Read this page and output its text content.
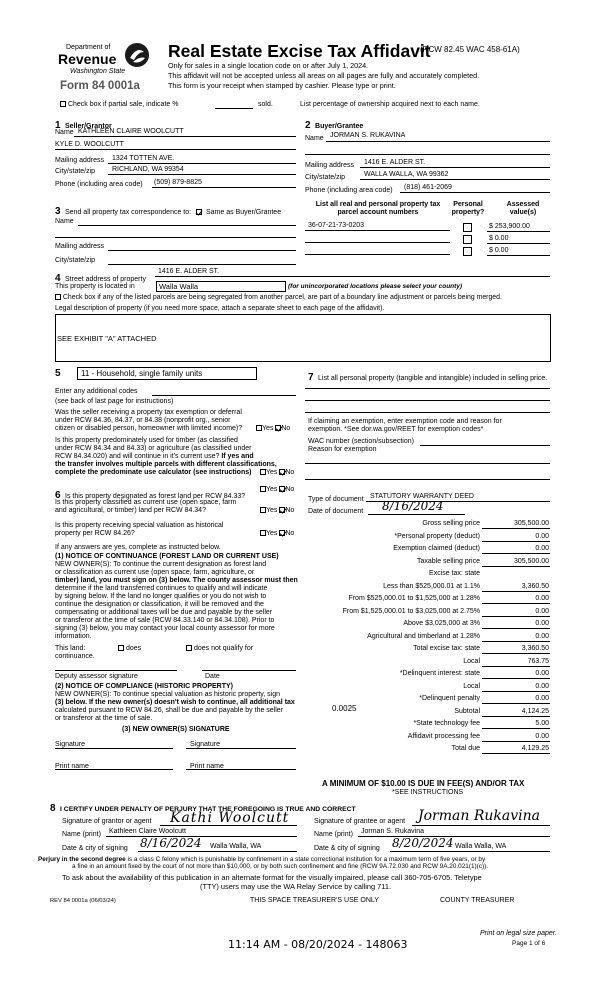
Department of
Revenue
Washington State
Form 84 0001a
Real Estate Excise Tax Affidavit
(RCW 82.45 WAC 458-61A)
Only for sales in a single location code on or after July 1, 2024.
This affidavit will not be accepted unless all areas on all pages are fully and accurately completed.
This form is your receipt when stamped by cashier. Please type or print.
Check box if partial sale, indicate %	sold.	List percentage of ownership acquired next to each name.
1 Seller/Grantor
Name KATHLEEN CLAIRE WOOLCUTT
KYLE D. WOOLCUTT
Mailing address 1324 TOTTEN AVE.
City/state/zip RICHLAND, WA 99354
Phone (including area code) (509) 879-8825
2 Buyer/Grantee
Name JORMAN S. RUKAVINA
Mailing address 1416 E. ALDER ST.
City/state/zip	WALLA WALLA, WA 99362
Phone (including area code) (818) 461-2069
3 Send all property tax correspondence to: Same as Buyer/Grantee
Name
Mailing address
City/state/zip
List all real and personal property tax
parcel account numbers
Personal
property?
Assessed
value(s)
36-07-21-73-0203	$ 253,900.00
$ 0.00
$ 0.00
4 Street address of property
1416 E. ALDER ST.
This property is located in	Walla Walla	(for unincorporated locations please select your county)
Check box if any of the listed parcels are being segregated from another parcel, are part of a boundary line adjustment or parcels being merged.
Legal description of property (if you need more space, attach a separate sheet to each page of the affidavit).
SEE EXHIBIT "A" ATTACHED
5	11 - Household, single family units
Enter any additional codes
(see back of last page for instructions)
Was the seller receiving a property tax exemption or deferral
under RCW 84.36, 84.37, or 84.38 (nonprofit org., senior
citizen or disabled person, homeowner with limited income)?	Yes No
Is this property predominately used for timber (as classified
under RCW 84.34 and 84.33) or agriculture (as classified under
RCW 84.34.020) and will continue in it's current use? If yes and
the transfer involves multiple parcels with different classifications,
complete the predominate use calculator (see instructions)	Yes No
6 Is this property designated as forest land per RCW 84.33?
Yes No
Is this property classified as current use (open space, farm
and agricultural, or timber) land per RCW 84.34?	Yes No
Is this property receiving special valuation as historical
property per RCW 84.26?	Yes No
If any answers are yes, complete as instructed below.
(1) NOTICE OF CONTINUANCE (FOREST LAND OR CURRENT USE)
NEW OWNER(S): To continue the current designation as forest land
or classification as current use (open space, farm, agriculture, or
timber) land, you must sign on (3) below. The county assessor must then
determine if the land transferred continues to qualify and will indicate
by signing below. If the land no longer qualifies or you do not wish to
continue the designation or classification, it will be removed and the
compensating or additional taxes will be due and payable by the seller
or transferor at the time of sale (RCW 84.33.140 or 84.34.108). Prior to
signing (3) below, you may contact your local county assessor for more
information.
This land:	does	does not qualify for
continuance.
Deputy assessor signature	Date
(2) NOTICE OF COMPLIANCE (HISTORIC PROPERTY)
NEW OWNER(S): To continue special valuation as historic property, sign
(3) below. If the new owner(s) doesn't wish to continue, all additional tax
calculated pursuant to RCW 84.26, shall be due and payable by the seller
or transferor at the time of sale.
(3) NEW OWNER(S) SIGNATURE
Signature	Signature
Print name	Print name
7 List all personal property (tangible and intangible) included in selling price.
If claiming an exemption, enter exemption code and reason for
exemption. *See dor.wa.gov/REET for exemption codes*
WAC number (section/subsection)
Reason for exemption
Type of document STATUTORY WARRANTY DEED
Date of document 8/16/2024
Gross selling price	305,500.00
*Personal property (deduct)	0.00
Exemption claimed (deduct)	0.00
Taxable selling price	305,500.00
Excise tax: state
Less than $525,000.01 at 1.1%	3,360.50
From $525,000.01 to $1,525,000 at 1.28%	0.00
From $1,525,000.01 to $3,025,000 at 2.75%	0.00
Above $3,025,000 at 3%	0.00
Agricultural and timberland at 1.28%	0.00
Total excise tax: state	3,360.50
Local	763.75
*Delinquent interest: state	0.00
Local	0.00
*Delinquent penalty	0.00
Subtotal	4,124.25
*State technology fee	5.00
Affidavit processing fee	0.00
Total due	4,129.25
0.0025
A MINIMUM OF $10.00 IS DUE IN FEE(S) AND/OR TAX
*SEE INSTRUCTIONS
8 I CERTIFY UNDER PENALTY OF PERJURY THAT THE FOREGOING IS TRUE AND CORRECT
Signature of grantor or agent Kathi Woolcutt
Name (print) Kathleen Claire Woolcutt
Date & city of signing 8/16/2024 Walla Walla, WA
Signature of grantee or agent Jorman Rukavina
Name (print) Jorman S. Rukavina
Date & city of signing 8/20/2024 Walla Walla, WA
Perjury in the second degree is a class C felony which is punishable by confinement in a state correctional institution for a maximum term of five years, or by
a fine in an amount fixed by the court of not more than $10,000, or by both such confinement and fine (RCW 9A.72.030 and RCW 9A.20.021(1)(c)).
To ask about the availability of this publication in an alternate format for the visually impaired, please call 360-705-6705. Teletype
(TTY) users may use the WA Relay Service by calling 711.
REV 84 0001a (06/03/24)	THIS SPACE TREASURER'S USE ONLY	COUNTY TREASURER
11:14 AM - 08/20/2024 - 148063
Print on legal size paper.
Page 1 of 6
